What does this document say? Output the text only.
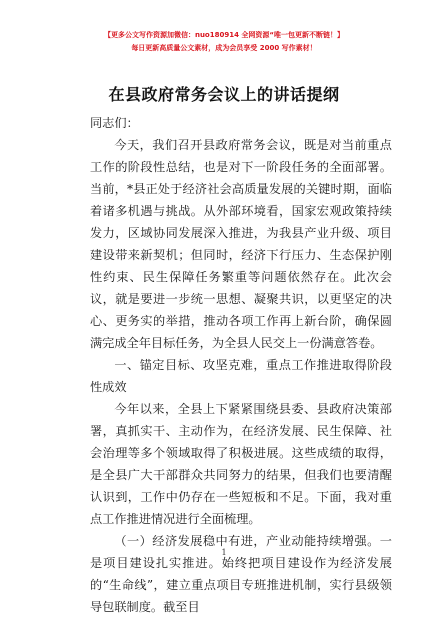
【更多公文写作资源加微信：nuo180914 全网资源“唯一包更新不断链！】
每日更新高质量公文素材，成为会员享受 2000 写作素材！
在县政府常务会议上的讲话提纲

同志们：

今天，我们召开县政府常务会议，既是对当前重点工作的阶段性总结，也是对下一阶段任务的全面部署。当前，*县正处于经济社会高质量发展的关键时期，面临着诸多机遇与挑战。从外部环境看，国家宏观政策持续发力，区域协同发展深入推进，为我县产业升级、项目建设带来新契机；但同时，经济下行压力、生态保护刚性约束、民生保障任务繁重等问题依然存在。此次会议，就是要进一步统一思想、凝聚共识，以更坚定的决心、更务实的举措，推动各项工作再上新台阶，确保圆满完成全年目标任务，为全县人民交上一份满意答卷。

一、锚定目标、攻坚克难，重点工作推进取得阶段性成效

今年以来，全县上下紧紧围绕县委、县政府决策部署，真抓实干、主动作为，在经济发展、民生保障、社会治理等多个领域取得了积极进展。这些成绩的取得，是全县广大干部群众共同努力的结果，但我们也要清醒认识到，工作中仍存在一些短板和不足。下面，我对重点工作推进情况进行全面梳理。

（一）经济发展稳中有进，产业动能持续增强。一是项目建设扎实推进。始终把项目建设作为经济发展的“生命线”，建立重点项目专班推进机制，实行县级领导包联制度。截至目

1
